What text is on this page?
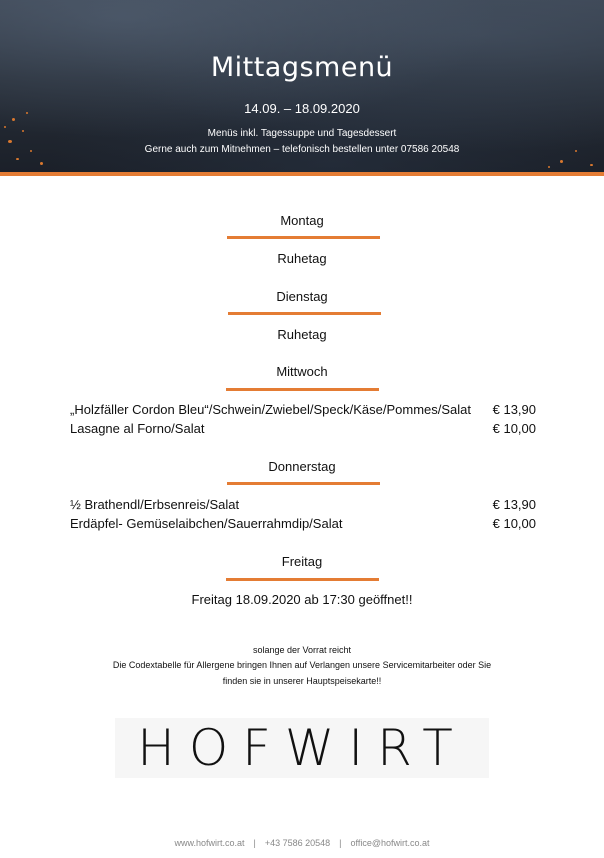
Mittagsmenü
14.09. – 18.09.2020
Menüs inkl. Tagessuppe und Tagesdessert
Gerne auch zum Mitnehmen – telefonisch bestellen unter 07586 20548
Montag
Ruhetag
Dienstag
Ruhetag
Mittwoch
„Holzfäller Cordon Bleu“/Schwein/Zwiebel/Speck/Käse/Pommes/Salat € 13,90
Lasagne al Forno/Salat	€ 10,00
Donnerstag
½ Brathendl/Erbsenreis/Salat	€ 13,90
Erdäpfel- Gemüselaibchen/Sauerrahmdip/Salat	€ 10,00
Freitag
Freitag 18.09.2020 ab 17:30 geöffnet!!
solange der Vorrat reicht
Die Codextabelle für Allergene bringen Ihnen auf Verlangen unsere Servicemitarbeiter oder Sie
finden sie in unserer Hauptspeisekarte!!
HOFWIRT
www.hofwirt.co.at | +43 7586 20548 | office@hofwirt.co.at
